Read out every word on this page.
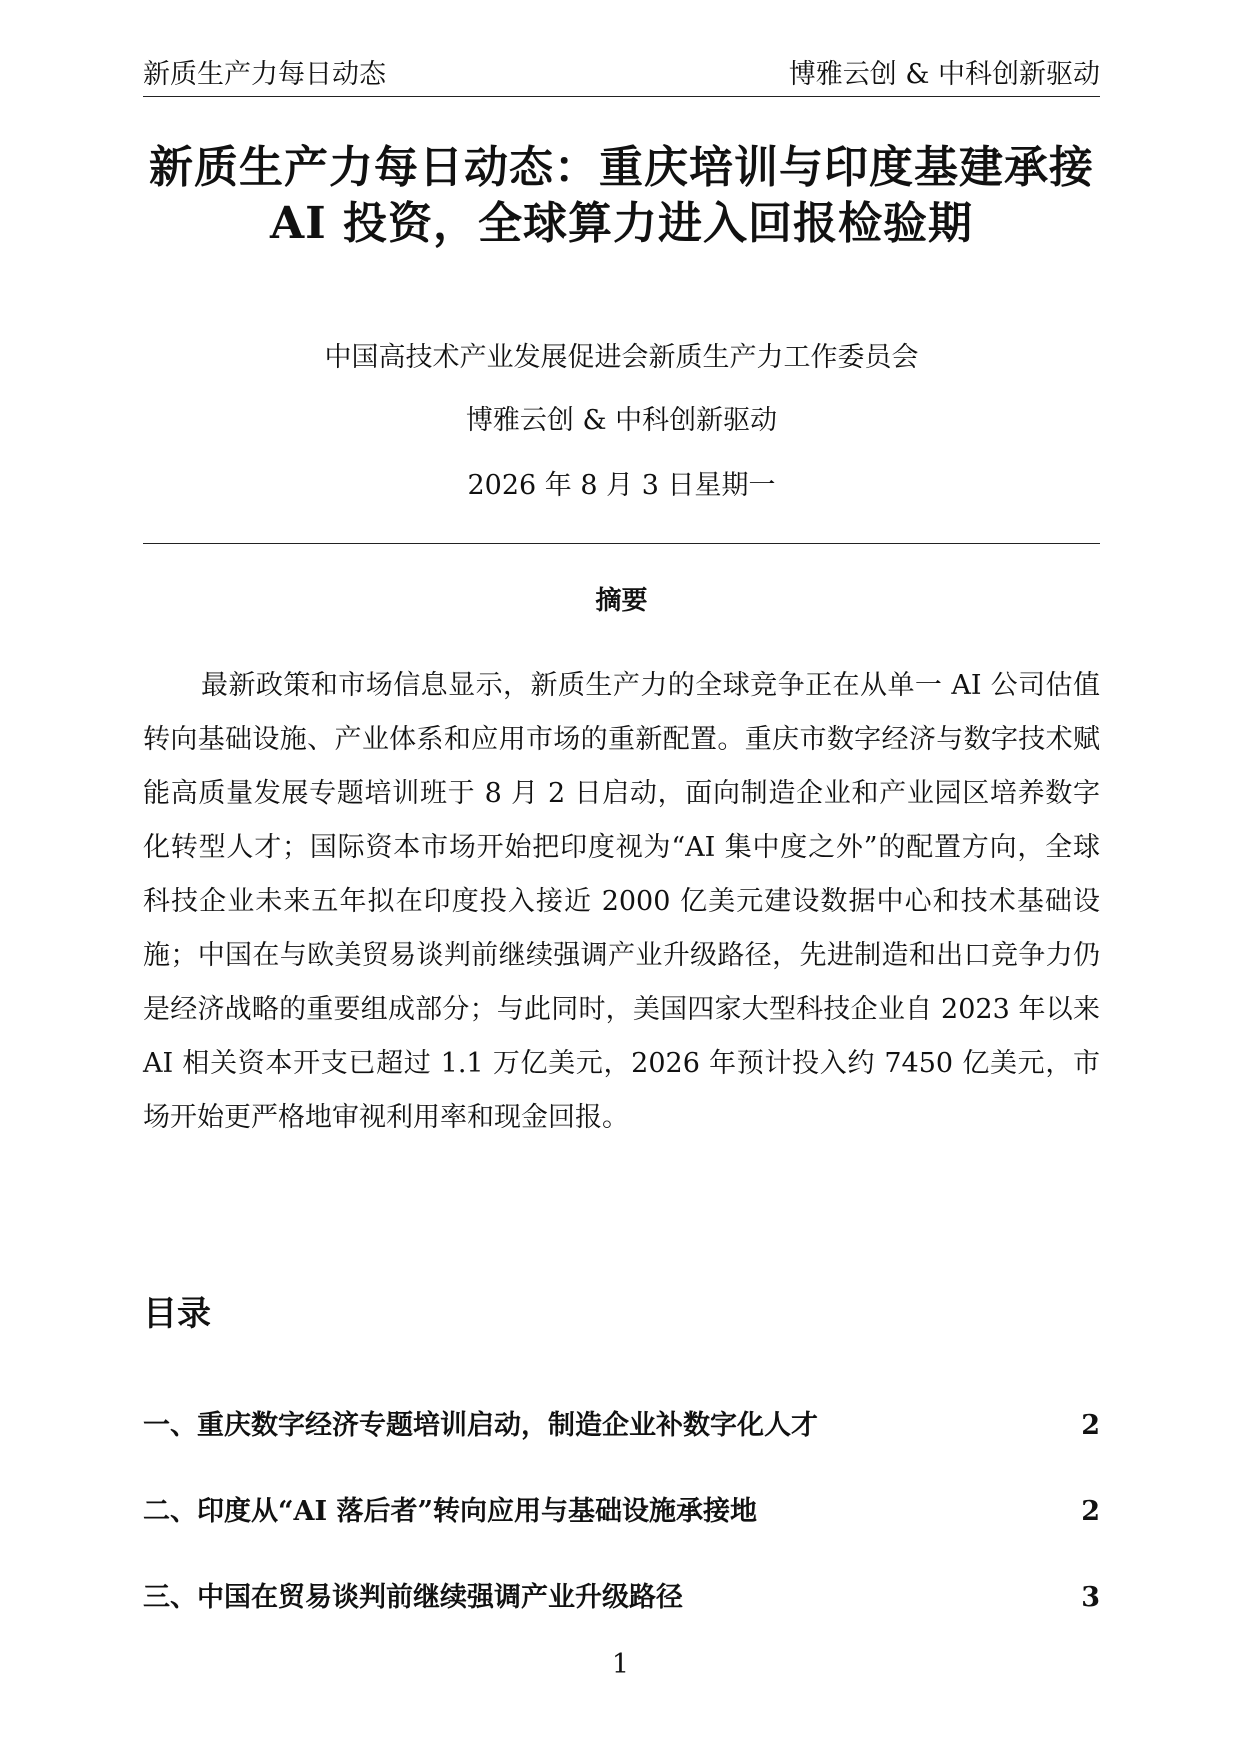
新质生产力每日动态	博雅云创 & 中科创新驱动
新质生产力每日动态：重庆培训与印度基建承接 AI 投资，全球算力进入回报检验期
中国高技术产业发展促进会新质生产力工作委员会
博雅云创 & 中科创新驱动
2026 年 8 月 3 日星期一
摘要

最新政策和市场信息显示，新质生产力的全球竞争正在从单一 AI 公司估值转向基础设施、产业体系和应用市场的重新配置。重庆市数字经济与数字技术赋能高质量发展专题培训班于 8 月 2 日启动，面向制造企业和产业园区培养数字化转型人才；国际资本市场开始把印度视为“AI 集中度之外”的配置方向，全球科技企业未来五年拟在印度投入接近 2000 亿美元建设数据中心和技术基础设施；中国在与欧美贸易谈判前继续强调产业升级路径，先进制造和出口竞争力仍是经济战略的重要组成部分；与此同时，美国四家大型科技企业自 2023 年以来 AI 相关资本开支已超过 1.1 万亿美元，2026 年预计投入约 7450 亿美元，市场开始更严格地审视利用率和现金回报。

目录
一、重庆数字经济专题培训启动，制造企业补数字化人才	2
二、印度从“AI 落后者”转向应用与基础设施承接地	2
三、中国在贸易谈判前继续强调产业升级路径	3
1
